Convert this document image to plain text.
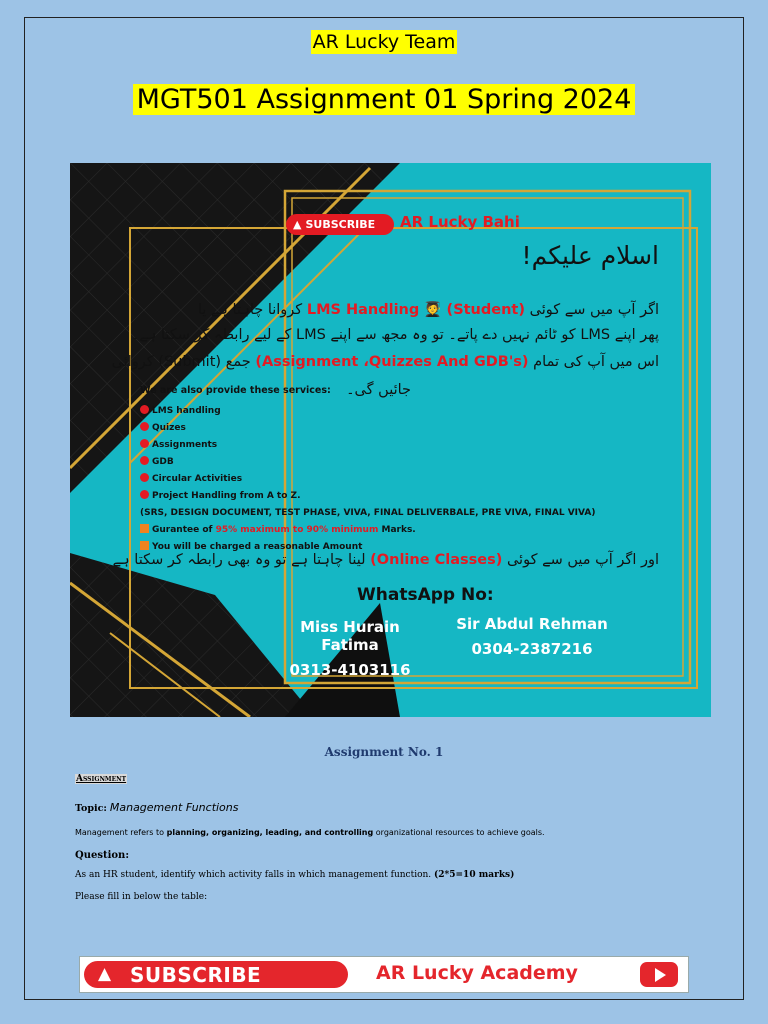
AR Lucky Team
MGT501 Assignment 01 Spring 2024
▲ SUBSCRIBE	AR Lucky Bahi
اسلام علیکم!
اگر آپ میں سے کوئی (Student) 🧑‍🎓 LMS Handling کروانا چاہتا ہے یا
پھر اپنے LMS کو ٹائم نہیں دے پاتے۔ تو وہ مجھ سے اپنے LMS کے لیے رابطہ کر سکتا ہے۔
اس میں آپ کی تمام (Assignment ،Quizzes And GDB's) جمع (Submit) کروائی
جائیں گی۔
We are also provide these services:
LMS handling
Quizes
Assignments
GDB
Circular Activities
Project Handling from A to Z.
(SRS, DESIGN DOCUMENT, TEST PHASE, VIVA, FINAL DELIVERBALE, PRE VIVA, FINAL VIVA)
Gurantee of 95% maximum to 90% minimum Marks.
You will be charged a reasonable Amount
اور اگر آپ میں سے کوئی (Online Classes) لینا چاہتا ہے تو وہ بھی رابطہ کر سکتا ہے
WhatsApp No:
Miss Hurain Fatima
0313-4103116
Sir Abdul Rehman
0304-2387216
Assignment No. 1
Assignment
Topic: Management Functions
Management refers to planning, organizing, leading, and controlling organizational resources to achieve goals.
Question:
As an HR student, identify which activity falls in which management function. (2*5=10 marks)
Please fill in below the table:
▲ SUBSCRIBE	AR Lucky Academy
